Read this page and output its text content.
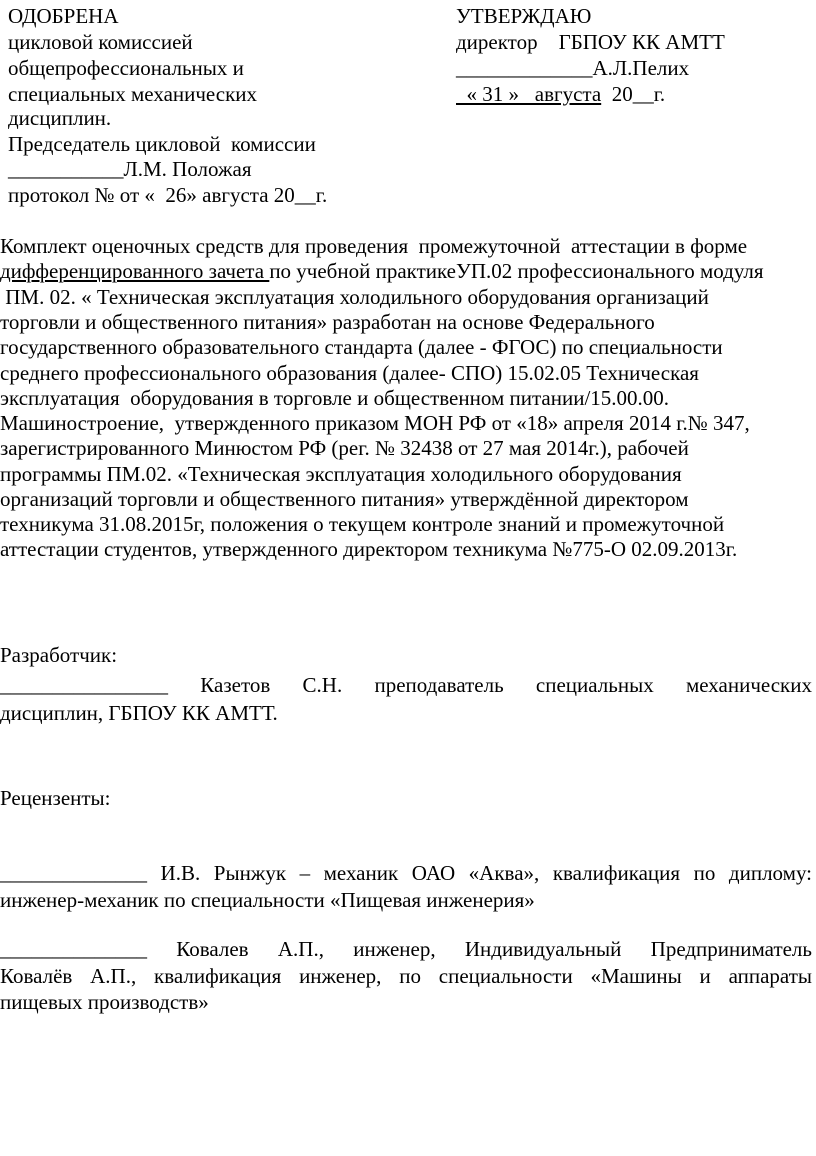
ОДОБРЕНА
цикловой комиссией
общепрофессиональных и
специальных механических
дисциплин.
Председатель цикловой  комиссии
___________Л.М. Положая
протокол № от «  26» августа 20__г.
УТВЕРЖДАЮ
директор    ГБПОУ КК АМТТ
_____________А.Л.Пелих
« 31 »   августа  20__г.
Комплект оценочных средств для проведения  промежуточной  аттестации в форме
дифференцированного зачета по учебной практикеУП.02 профессионального модуля
ПМ. 02. « Техническая эксплуатация холодильного оборудования организаций
торговли и общественного питания» разработан на основе Федерального
государственного образовательного стандарта (далее - ФГОС) по специальности
среднего профессионального образования (далее- СПО) 15.02.05 Техническая
эксплуатация  оборудования в торговле и общественном питании/15.00.00.
Машиностроение,  утвержденного приказом МОН РФ от «18» апреля 2014 г.№ 347,
зарегистрированного Минюстом РФ (рег. № 32438 от 27 мая 2014г.), рабочей
программы ПМ.02. «Техническая эксплуатация холодильного оборудования
организаций торговли и общественного питания» утверждённой директором
техникума 31.08.2015г, положения о текущем контроле знаний и промежуточной
аттестации студентов, утвержденного директором техникума №775-О 02.09.2013г.
Разработчик:
________________ Казетов С.Н. преподаватель специальных механических
дисциплин, ГБПОУ КК АМТТ.
Рецензенты:
______________ И.В. Рынжук – механик ОАО «Аква», квалификация по диплому:
инженер-механик по специальности «Пищевая инженерия»
______________ Ковалев А.П., инженер, Индивидуальный Предприниматель
Ковалёв А.П., квалификация инженер, по специальности «Машины и аппараты
пищевых производств»
